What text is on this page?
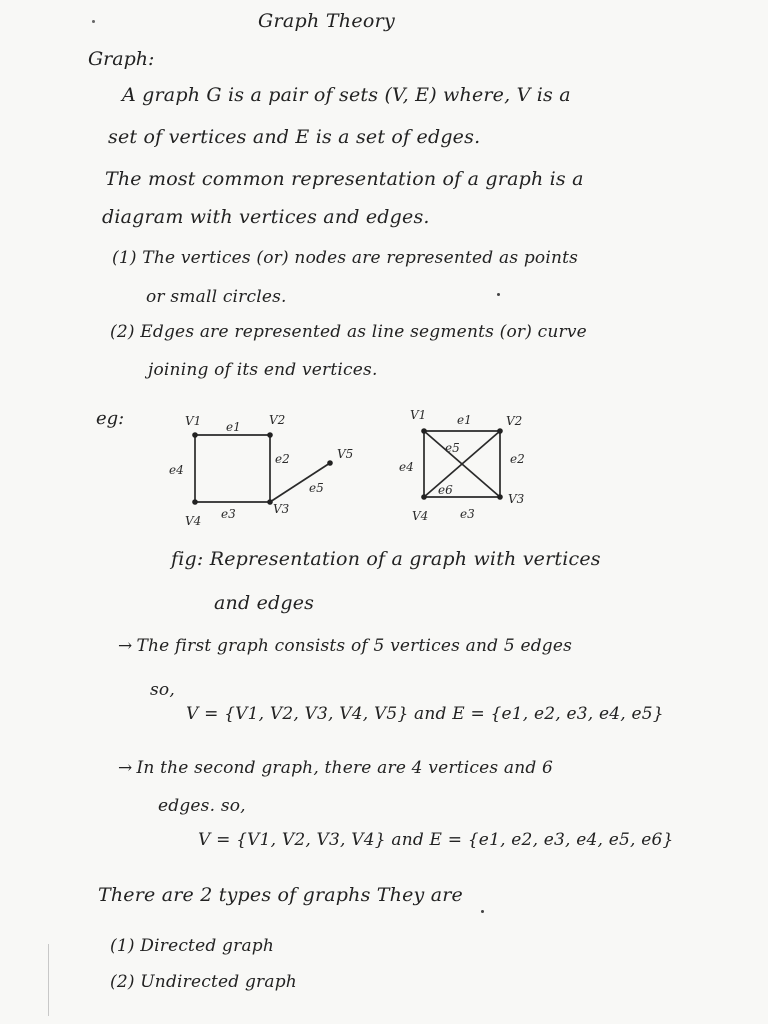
Graph Theory
Graph:
A graph G is a pair of sets (V, E) where, V is a
set of vertices and E is a set of edges.
The most common representation of a graph is a
diagram with vertices and edges.
(1) The vertices (or) nodes are represented as points
or small circles.
(2) Edges are represented as line segments (or) curve
joining of its end vertices.
eg:	V1 e1 V2
e2	V5
e5
e4
V4 e3	V3
V1	e1	V2
e5
e2
e4
e6
V3
V4	e3
fig: Representation of a graph with vertices
and edges
→ The first graph consists of 5 vertices and 5 edges
so,
V = {V1, V2, V3, V4, V5} and E = {e1, e2, e3, e4, e5}
→ In the second graph, there are 4 vertices and 6
edges. so,
V = {V1, V2, V3, V4} and E = {e1, e2, e3, e4, e5, e6}
There are 2 types of graphs They are
(1) Directed graph
(2) Undirected graph
